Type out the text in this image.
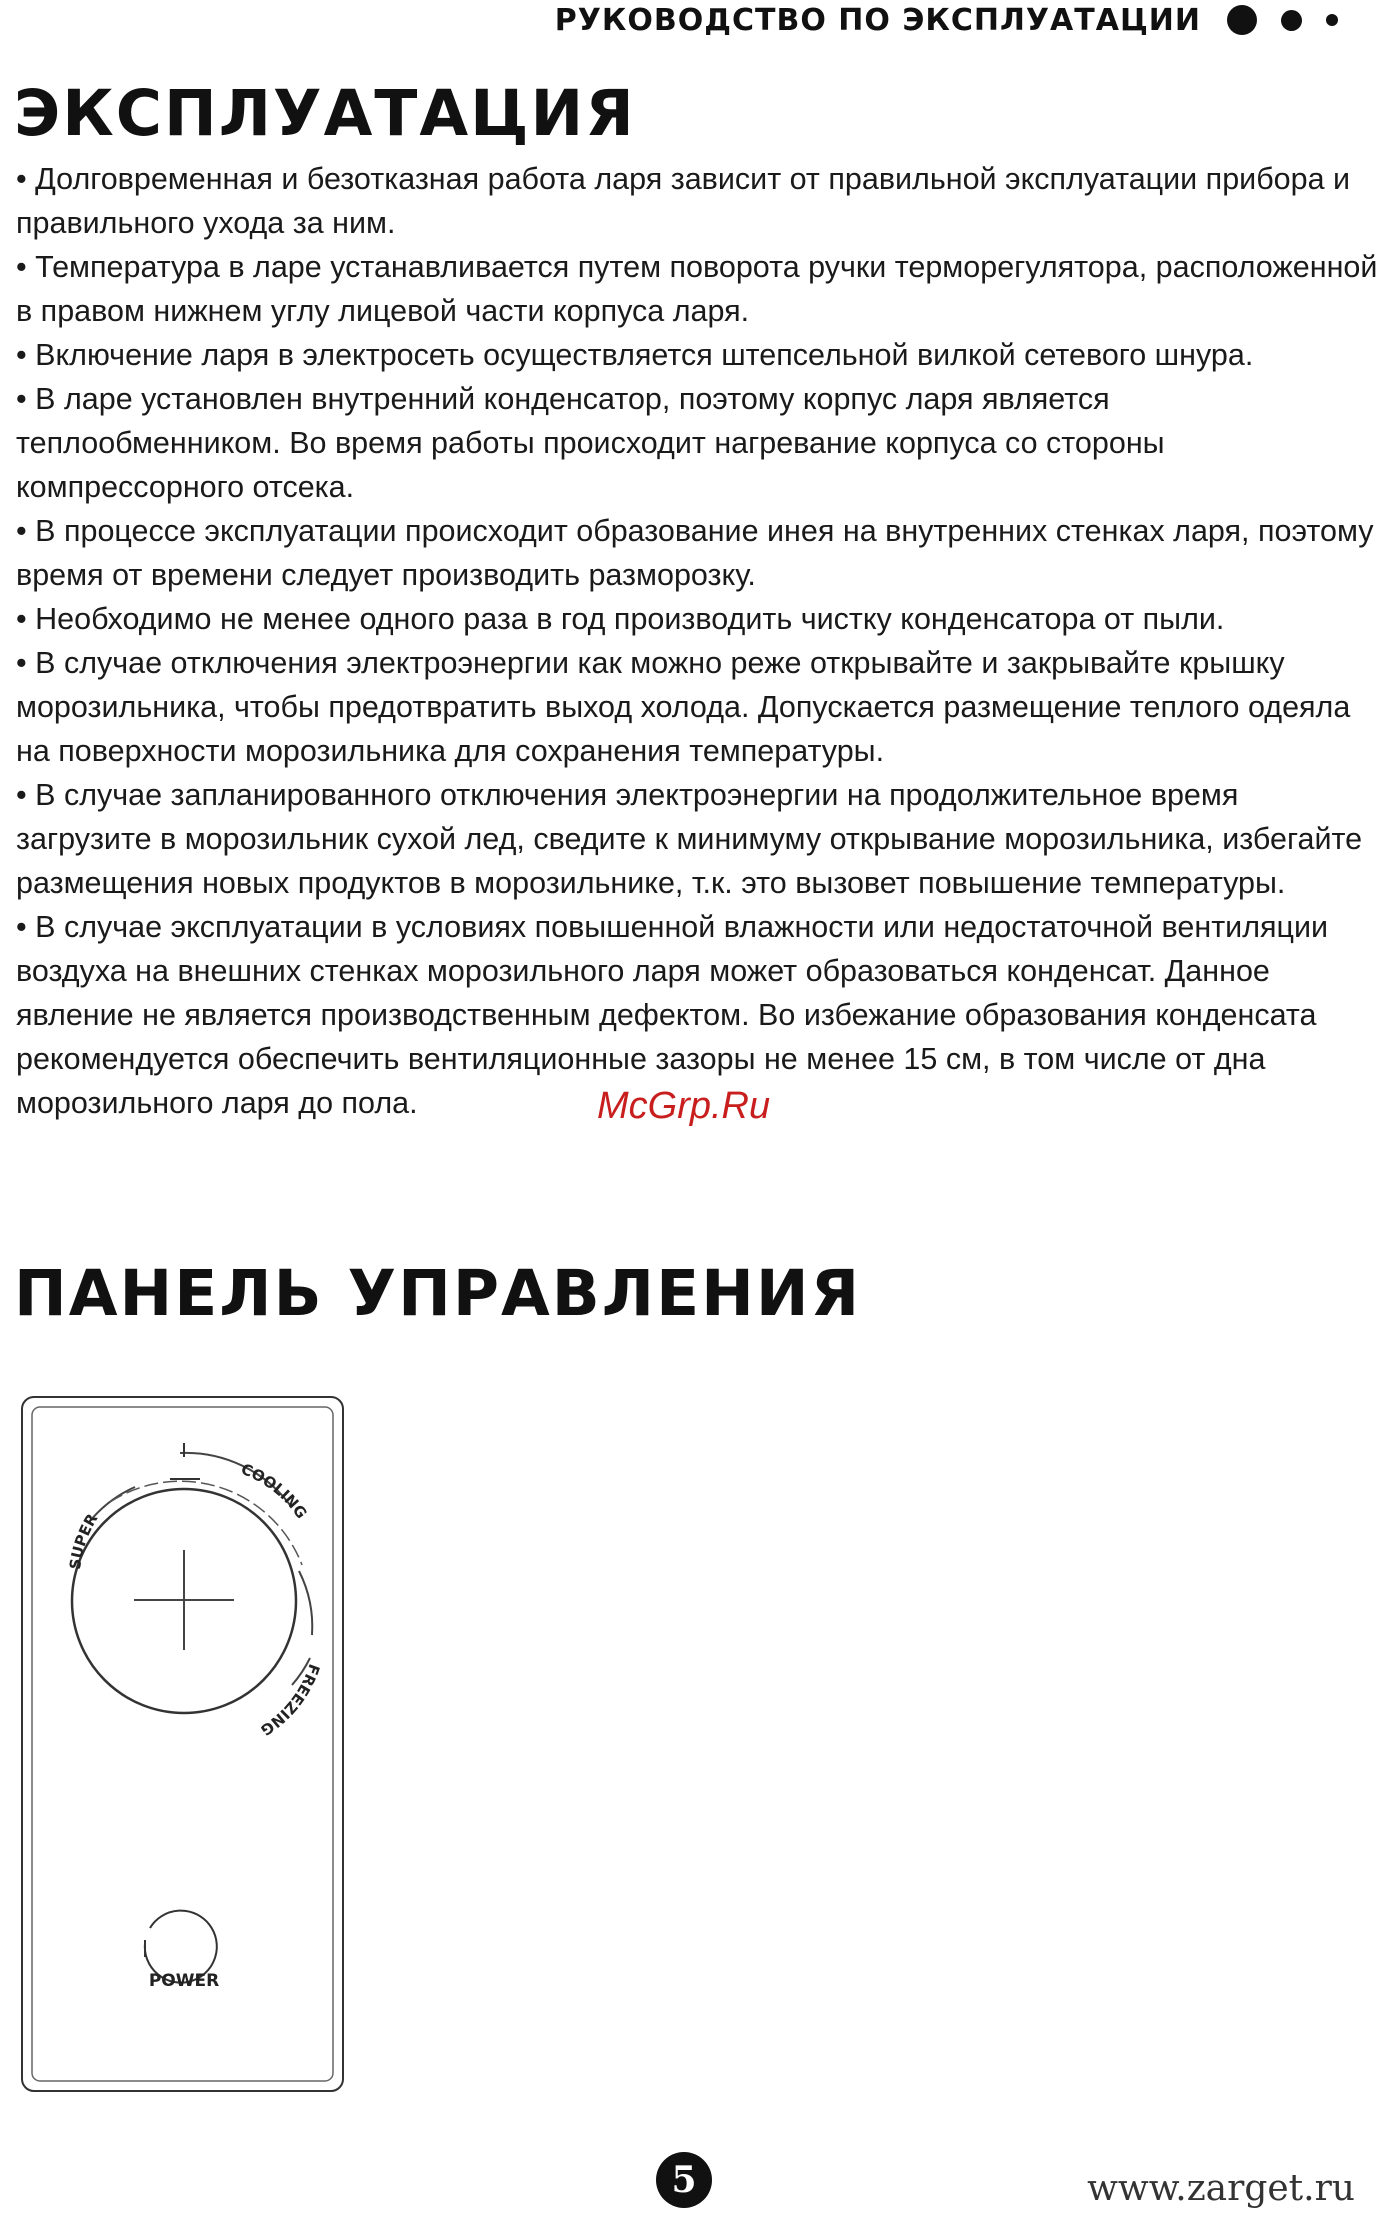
РУКОВОДСТВО ПО ЭКСПЛУАТАЦИИ
ЭКСПЛУАТАЦИЯ

• Долговременная и безотказная работа ларя зависит от правильной эксплуатации прибора и правильного ухода за ним.

• Температура в ларе устанавливается путем поворота ручки терморегулятора, расположенной в правом нижнем углу лицевой части корпуса ларя.

• Включение ларя в электросеть осуществляется штепсельной вилкой сетевого шнура.

• В ларе установлен внутренний конденсатор, поэтому корпус ларя является теплообменником. Во время работы происходит нагревание корпуса со стороны компрессорного отсека.

• В процессе эксплуатации происходит образование инея на внутренних стенках ларя, поэтому время от времени следует производить разморозку.

• Необходимо не менее одного раза в год производить чистку конденсатора от пыли.

• В случае отключения электроэнергии как можно реже открывайте и закрывайте крышку морозильника, чтобы предотвратить выход холода. Допускается размещение теплого одеяла на поверхности морозильника для сохранения температуры.

• В случае запланированного отключения электроэнергии на продолжительное время загрузите в морозильник сухой лед, сведите к минимуму открывание морозильника, избегайте размещения новых продуктов в морозильнике, т.к. это вызовет повышение температуры.

• В случае эксплуатации в условиях повышенной влажности или недостаточной вентиляции воздуха на внешних стенках морозильного ларя может образоваться конденсат. Данное явление не является производственным дефектом. Во избежание образования конденсата рекомендуется обеспечить вентиляционные зазоры не менее 15 см, в том числе от дна морозильного ларя до пола.	McGrp.Ru
ПАНЕЛЬ УПРАВЛЕНИЯ
SUPER
COOLING
FREEZING
POWER
5	www.zarget.ru
